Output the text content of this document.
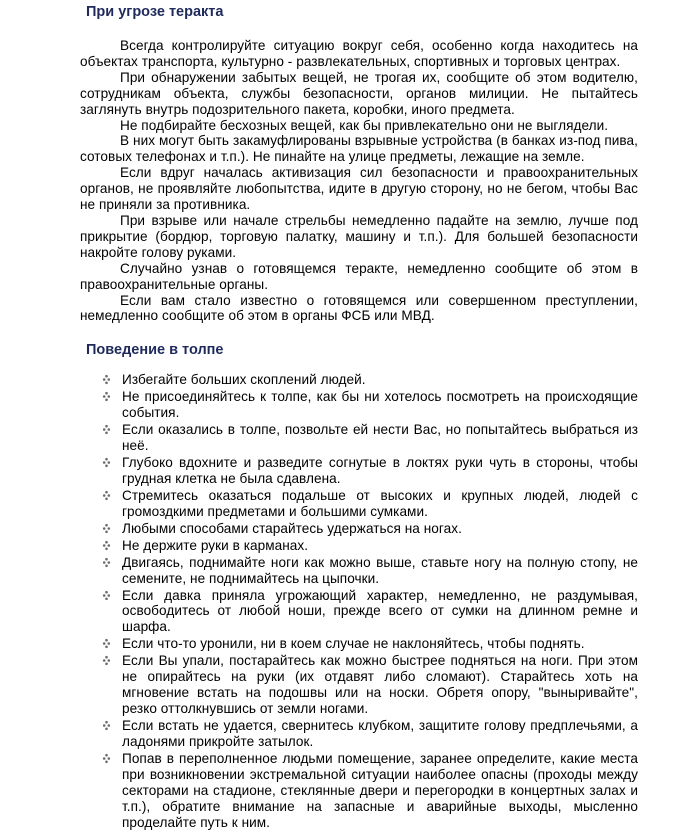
При угрозе теракта

Всегда контролируйте ситуацию вокруг себя, особенно когда находитесь на объектах транспорта, культурно - развлекательных, спортивных и торговых центрах.

При обнаружении забытых вещей, не трогая их, сообщите об этом водителю, сотрудникам объекта, службы безопасности, органов милиции. Не пытайтесь заглянуть внутрь подозрительного пакета, коробки, иного предмета.

Не подбирайте бесхозных вещей, как бы привлекательно они не выглядели.

В них могут быть закамуфлированы взрывные устройства (в банках из-под пива, сотовых телефонах и т.п.). Не пинайте на улице предметы, лежащие на земле.

Если вдруг началась активизация сил безопасности и правоохранительных органов, не проявляйте любопытства, идите в другую сторону, но не бегом, чтобы Вас не приняли за противника.

При взрыве или начале стрельбы немедленно падайте на землю, лучше под прикрытие (бордюр, торговую палатку, машину и т.п.). Для большей безопасности накройте голову руками.

Случайно узнав о готовящемся теракте, немедленно сообщите об этом в правоохранительные органы.

Если вам стало известно о готовящемся или совершенном преступлении, немедленно сообщите об этом в органы ФСБ или МВД.

Поведение в толпе
Избегайте больших скоплений людей.
Не присоединяйтесь к толпе, как бы ни хотелось посмотреть на происходящие события.
Если оказались в толпе, позвольте ей нести Вас, но попытайтесь выбраться из неё.
Глубоко вдохните и разведите согнутые в локтях руки чуть в стороны, чтобы грудная клетка не была сдавлена.
Стремитесь оказаться подальше от высоких и крупных людей, людей с громоздкими предметами и большими сумками.
Любыми способами старайтесь удержаться на ногах.
Не держите руки в карманах.
Двигаясь, поднимайте ноги как можно выше, ставьте ногу на полную стопу, не семените, не поднимайтесь на цыпочки.
Если давка приняла угрожающий характер, немедленно, не раздумывая, освободитесь от любой ноши, прежде всего от сумки на длинном ремне и шарфа.
Если что-то уронили, ни в коем случае не наклоняйтесь, чтобы поднять.
Если Вы упали, постарайтесь как можно быстрее подняться на ноги. При этом не опирайтесь на руки (их отдавят либо сломают). Старайтесь хоть на мгновение встать на подошвы или на носки. Обретя опору, "выныривайте", резко оттолкнувшись от земли ногами.
Если встать не удается, свернитесь клубком, защитите голову предплечьями, а ладонями прикройте затылок.
Попав в переполненное людьми помещение, заранее определите, какие места при возникновении экстремальной ситуации наиболее опасны (проходы между секторами на стадионе, стеклянные двери и перегородки в концертных залах и т.п.), обратите внимание на запасные и аварийные выходы, мысленно проделайте путь к ним.
